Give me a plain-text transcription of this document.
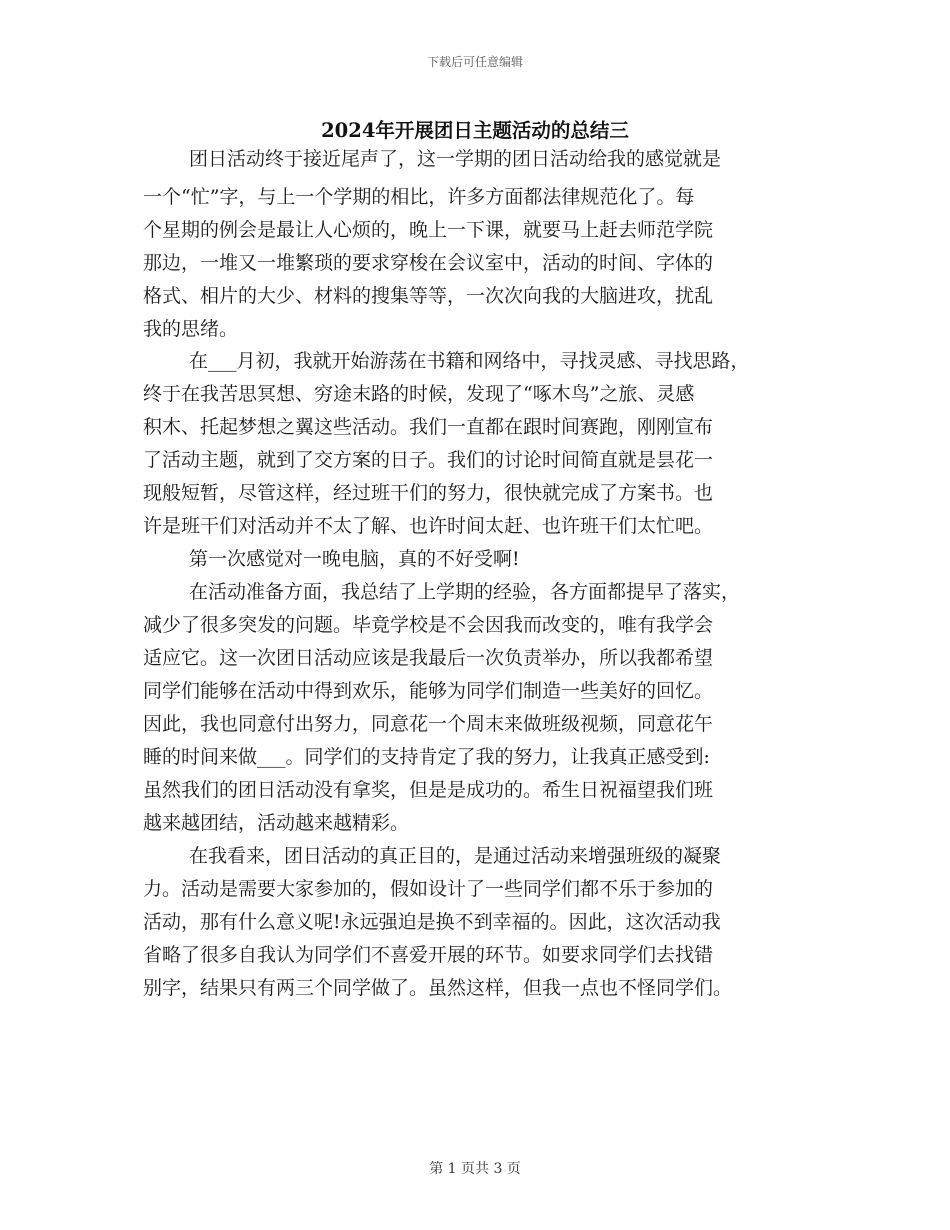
下载后可任意编辑
2024年开展团日主题活动的总结三
团日活动终于接近尾声了，这一学期的团日活动给我的感觉就是
一个“忙”字，与上一个学期的相比，许多方面都法律规范化了。每
个星期的例会是最让人心烦的，晚上一下课，就要马上赶去师范学院
那边，一堆又一堆繁琐的要求穿梭在会议室中，活动的时间、字体的
格式、相片的大少、材料的搜集等等，一次次向我的大脑进攻，扰乱
我的思绪。
在___月初，我就开始游荡在书籍和网络中，寻找灵感、寻找思路，
终于在我苦思冥想、穷途末路的时候，发现了“啄木鸟”之旅、灵感
积木、托起梦想之翼这些活动。我们一直都在跟时间赛跑，刚刚宣布
了活动主题，就到了交方案的日子。我们的讨论时间简直就是昙花一
现般短暂，尽管这样，经过班干们的努力，很快就完成了方案书。也
许是班干们对活动并不太了解、也许时间太赶、也许班干们太忙吧。
第一次感觉对一晚电脑，真的不好受啊!
在活动准备方面，我总结了上学期的经验，各方面都提早了落实，
减少了很多突发的问题。毕竟学校是不会因我而改变的，唯有我学会
适应它。这一次团日活动应该是我最后一次负责举办，所以我都希望
同学们能够在活动中得到欢乐，能够为同学们制造一些美好的回忆。
因此，我也同意付出努力，同意花一个周末来做班级视频，同意花午
睡的时间来做___。同学们的支持肯定了我的努力，让我真正感受到:
虽然我们的团日活动没有拿奖，但是是成功的。希生日祝福望我们班
越来越团结，活动越来越精彩。
在我看来，团日活动的真正目的，是通过活动来增强班级的凝聚
力。活动是需要大家参加的，假如设计了一些同学们都不乐于参加的
活动，那有什么意义呢!永远强迫是换不到幸福的。因此，这次活动我
省略了很多自我认为同学们不喜爱开展的环节。如要求同学们去找错
别字，结果只有两三个同学做了。虽然这样，但我一点也不怪同学们。
第 1 页共 3 页
